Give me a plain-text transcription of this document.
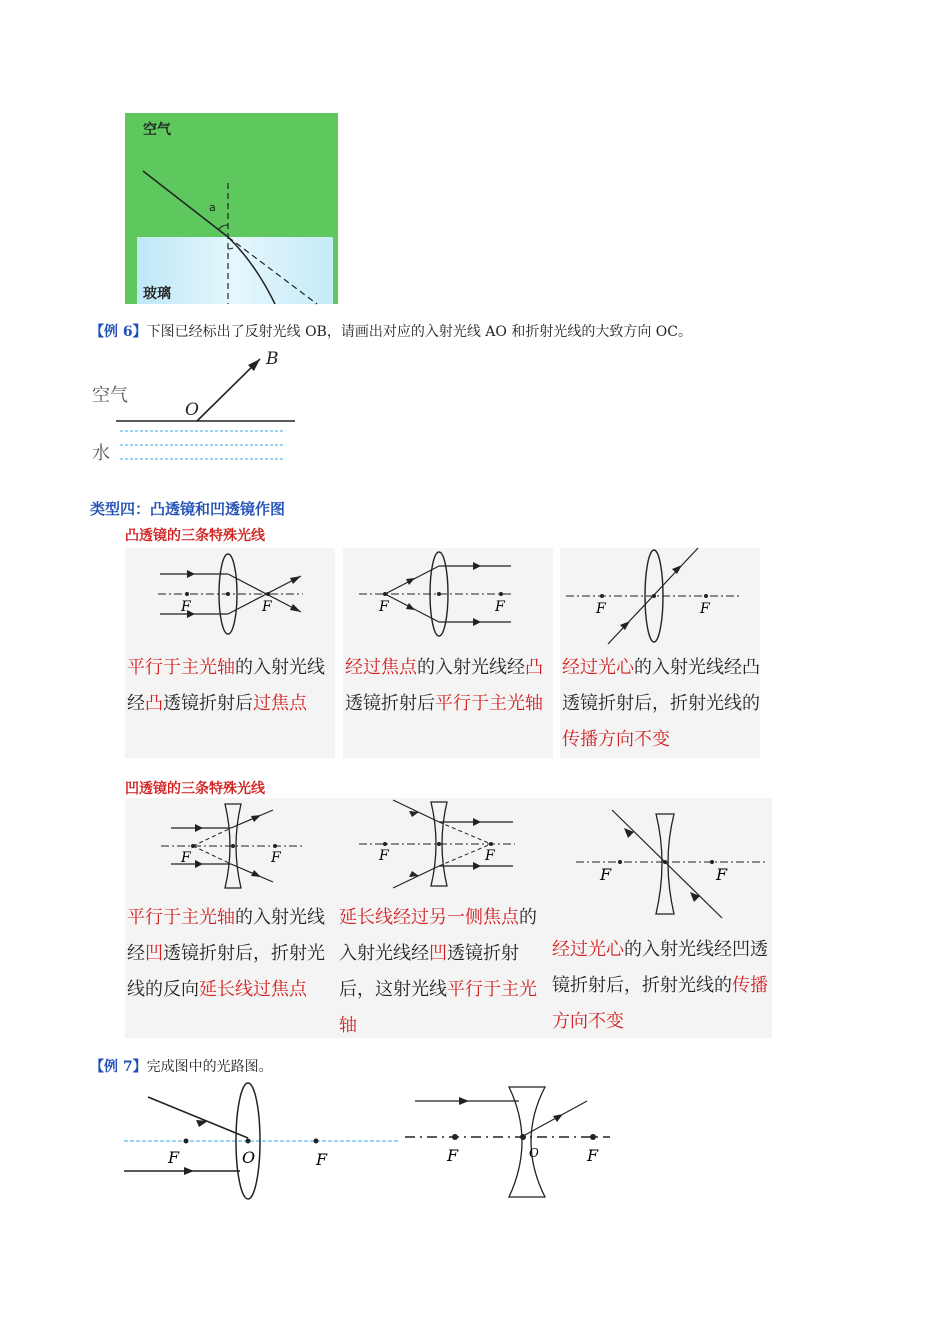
空气
玻璃
a
【例 6】下图已经标出了反射光线 OB，请画出对应的入射光线 AO 和折射光线的大致方向 OC。
空气
水
O
B
类型四：凸透镜和凹透镜作图
凸透镜的三条特殊光线
F	F
平行于主光轴的入射光线经凸透镜折射后过焦点
F	F
经过焦点的入射光线经凸透镜折射后平行于主光轴
F	F
经过光心的入射光线经凸透镜折射后，折射光线的传播方向不变
凹透镜的三条特殊光线
F	F
平行于主光轴的入射光线经凹透镜折射后，折射光线的反向延长线过焦点
F	F
延长线经过另一侧焦点的入射光线经凹透镜折射后，这射光线平行于主光轴
F	F
经过光心的入射光线经凹透镜折射后，折射光线的传播方向不变
【例 7】完成图中的光路图。
F	O	F	F	O	F
